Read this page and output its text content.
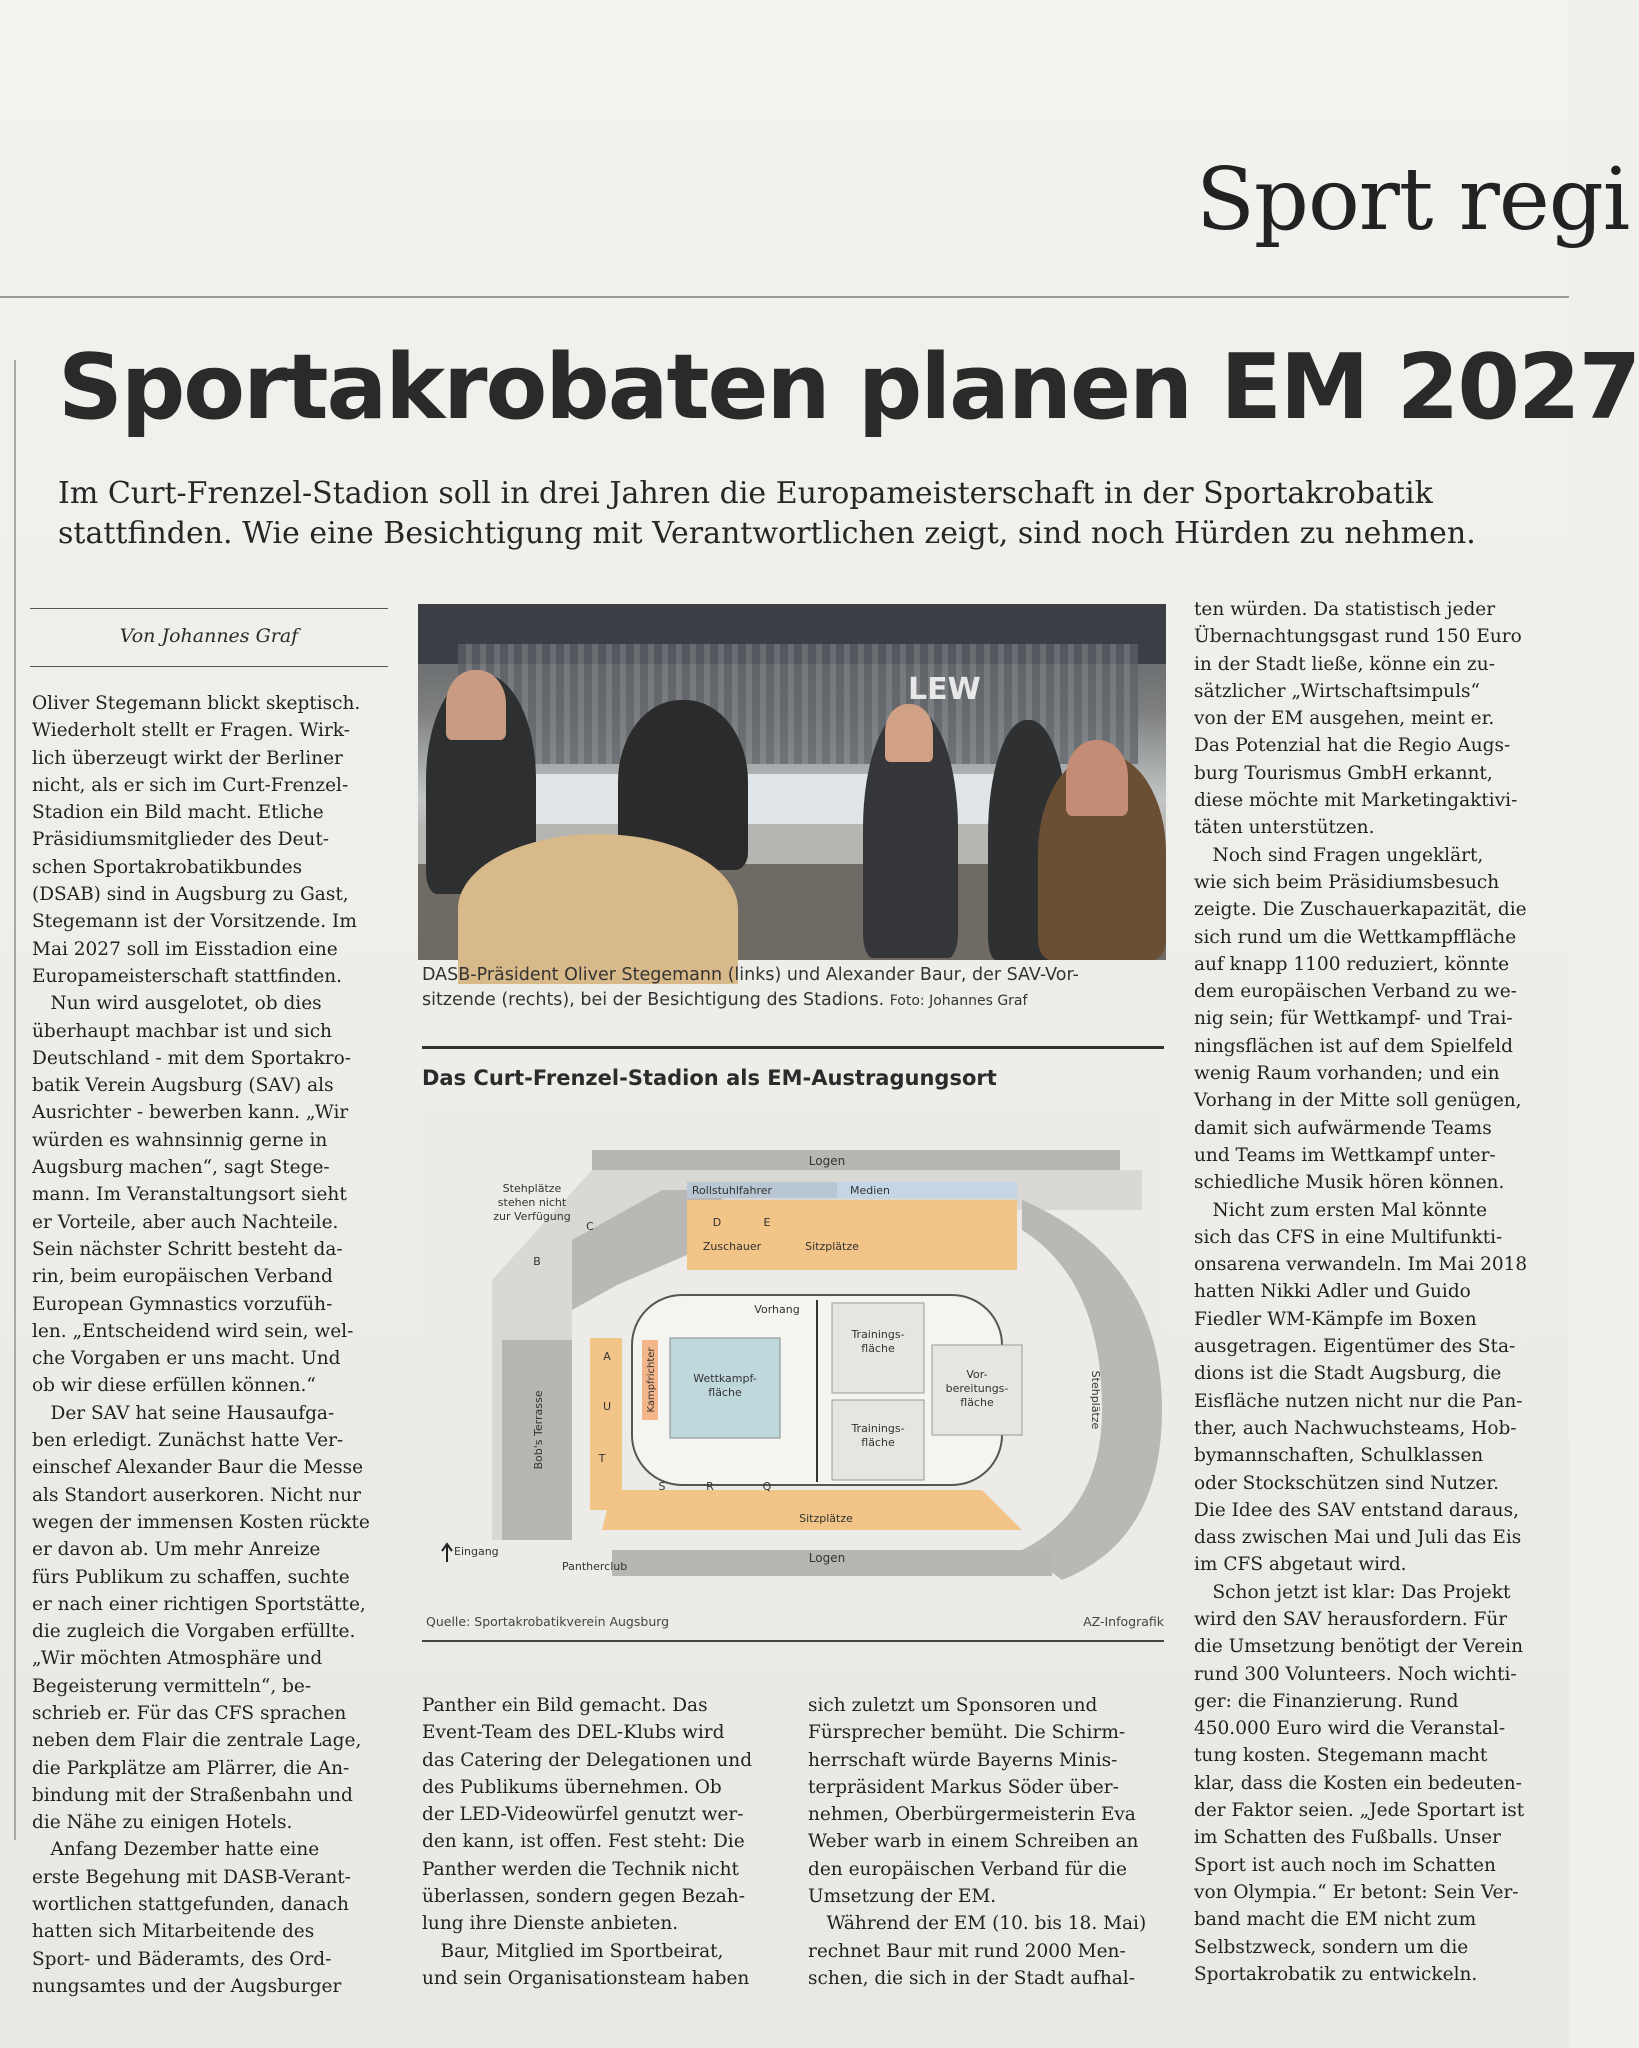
Sport regi
Sportakrobaten planen EM 2027
Im Curt-Frenzel-Stadion soll in drei Jahren die Europameisterschaft in der Sportakrobatik
stattfinden. Wie eine Besichtigung mit Verantwortlichen zeigt, sind noch Hürden zu nehmen.
Von Johannes Graf
Oliver Stegemann blickt skeptisch.
Wiederholt stellt er Fragen. Wirk-
lich überzeugt wirkt der Berliner
nicht, als er sich im Curt-Frenzel-
Stadion ein Bild macht. Etliche
Präsidiumsmitglieder des Deut-
schen Sportakrobatikbundes
(DSAB) sind in Augsburg zu Gast,
Stegemann ist der Vorsitzende. Im
Mai 2027 soll im Eisstadion eine
Europameisterschaft stattfinden.
 Nun wird ausgelotet, ob dies
überhaupt machbar ist und sich
Deutschland - mit dem Sportakro-
batik Verein Augsburg (SAV) als
Ausrichter - bewerben kann. „Wir
würden es wahnsinnig gerne in
Augsburg machen“, sagt Stege-
mann. Im Veranstaltungsort sieht
er Vorteile, aber auch Nachteile.
Sein nächster Schritt besteht da-
rin, beim europäischen Verband
European Gymnastics vorzufüh-
len. „Entscheidend wird sein, wel-
che Vorgaben er uns macht. Und
ob wir diese erfüllen können.“
 Der SAV hat seine Hausaufga-
ben erledigt. Zunächst hatte Ver-
einschef Alexander Baur die Messe
als Standort auserkoren. Nicht nur
wegen der immensen Kosten rückte
er davon ab. Um mehr Anreize
fürs Publikum zu schaffen, suchte
er nach einer richtigen Sportstätte,
die zugleich die Vorgaben erfüllte.
„Wir möchten Atmosphäre und
Begeisterung vermitteln“, be-
schrieb er. Für das CFS sprachen
neben dem Flair die zentrale Lage,
die Parkplätze am Plärrer, die An-
bindung mit der Straßenbahn und
die Nähe zu einigen Hotels.
 Anfang Dezember hatte eine
erste Begehung mit DASB-Verant-
wortlichen stattgefunden, danach
hatten sich Mitarbeitende des
Sport- und Bäderamts, des Ord-
nungsamtes und der Augsburger
LEW
DASB-Präsident Oliver Stegemann (links) und Alexander Baur, der SAV-Vor-
sitzende (rechts), bei der Besichtigung des Stadions. Foto: Johannes Graf
Das Curt-Frenzel-Stadion als EM-Austragungsort
Logen
Rollstuhlfahrer	Medien
Stehplätze
stehen nicht
zur Verfügung
Zuschauer	Sitzplätze
Sitzplätze
Logen
Vorhang
Trainings-
fläche
Trainings-
fläche
Vor-
bereitungs-
fläche
Wettkampf-
fläche
Kampfrichter
Bob's Terrasse	Stehplätze
Eingang
Pantherclub
A
B
C	D	E
Q
R
S
T
U
Quelle: Sportakrobatikverein Augsburg	AZ-Infografik
Panther ein Bild gemacht. Das
Event-Team des DEL-Klubs wird
das Catering der Delegationen und
des Publikums übernehmen. Ob
der LED-Videowürfel genutzt wer-
den kann, ist offen. Fest steht: Die
Panther werden die Technik nicht
überlassen, sondern gegen Bezah-
lung ihre Dienste anbieten.
 Baur, Mitglied im Sportbeirat,
und sein Organisationsteam haben
sich zuletzt um Sponsoren und
Fürsprecher bemüht. Die Schirm-
herrschaft würde Bayerns Minis-
terpräsident Markus Söder über-
nehmen, Oberbürgermeisterin Eva
Weber warb in einem Schreiben an
den europäischen Verband für die
Umsetzung der EM.
 Während der EM (10. bis 18. Mai)
rechnet Baur mit rund 2000 Men-
schen, die sich in der Stadt aufhal-
ten würden. Da statistisch jeder
Übernachtungsgast rund 150 Euro
in der Stadt ließe, könne ein zu-
sätzlicher „Wirtschaftsimpuls“
von der EM ausgehen, meint er.
Das Potenzial hat die Regio Augs-
burg Tourismus GmbH erkannt,
diese möchte mit Marketingaktivi-
täten unterstützen.
 Noch sind Fragen ungeklärt,
wie sich beim Präsidiumsbesuch
zeigte. Die Zuschauerkapazität, die
sich rund um die Wettkampffläche
auf knapp 1100 reduziert, könnte
dem europäischen Verband zu we-
nig sein; für Wettkampf- und Trai-
ningsflächen ist auf dem Spielfeld
wenig Raum vorhanden; und ein
Vorhang in der Mitte soll genügen,
damit sich aufwärmende Teams
und Teams im Wettkampf unter-
schiedliche Musik hören können.
 Nicht zum ersten Mal könnte
sich das CFS in eine Multifunkti-
onsarena verwandeln. Im Mai 2018
hatten Nikki Adler und Guido
Fiedler WM-Kämpfe im Boxen
ausgetragen. Eigentümer des Sta-
dions ist die Stadt Augsburg, die
Eisfläche nutzen nicht nur die Pan-
ther, auch Nachwuchsteams, Hob-
bymannschaften, Schulklassen
oder Stockschützen sind Nutzer.
Die Idee des SAV entstand daraus,
dass zwischen Mai und Juli das Eis
im CFS abgetaut wird.
 Schon jetzt ist klar: Das Projekt
wird den SAV herausfordern. Für
die Umsetzung benötigt der Verein
rund 300 Volunteers. Noch wichti-
ger: die Finanzierung. Rund
450.000 Euro wird die Veranstal-
tung kosten. Stegemann macht
klar, dass die Kosten ein bedeuten-
der Faktor seien. „Jede Sportart ist
im Schatten des Fußballs. Unser
Sport ist auch noch im Schatten
von Olympia.“ Er betont: Sein Ver-
band macht die EM nicht zum
Selbstzweck, sondern um die
Sportakrobatik zu entwickeln.
